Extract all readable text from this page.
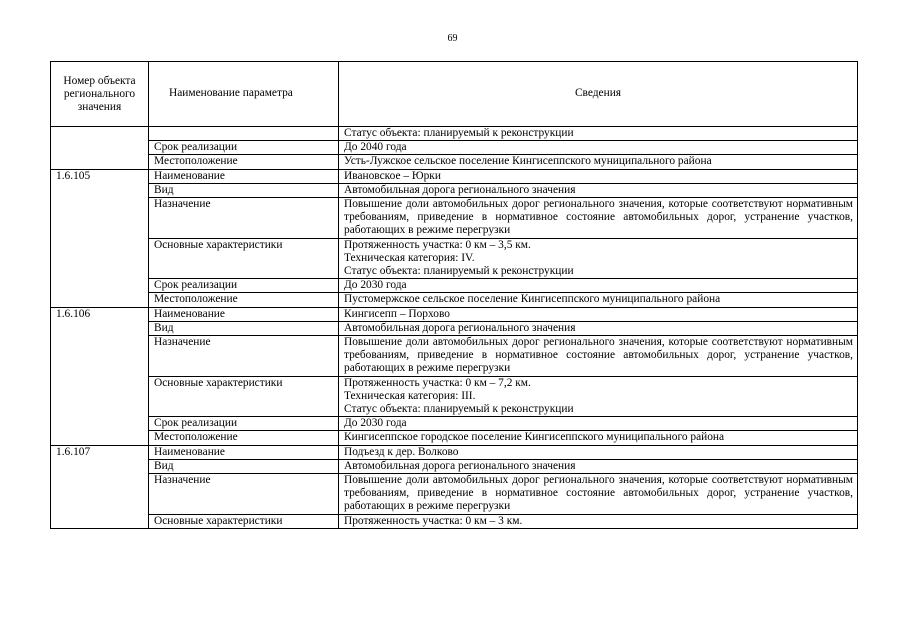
69
Номер объекта регионального значения	Наименование параметра	Сведения

		Статус объекта: планируемый к реконструкции

	Срок реализации	До 2040 года

	Местоположение	Усть-Лужское сельское поселение Кингисеппского муниципального района

1.6.105	Наименование	Ивановское – Юрки

	Вид	Автомобильная дорога регионального значения

	Назначение	Повышение доли автомобильных дорог регионального значения, которые соответствуют нормативным требованиям, приведение в нормативное состояние автомобильных дорог, устранение участков, работающих в режиме перегрузки

	Основные характеристики	Протяженность участка: 0 км – 3,5 км.
Техническая категория: IV.
Статус объекта: планируемый к реконструкции

	Срок реализации	До 2030 года

	Местоположение	Пустомержское сельское поселение Кингисеппского муниципального района

1.6.106	Наименование	Кингисепп – Порхово

	Вид	Автомобильная дорога регионального значения

	Назначение	Повышение доли автомобильных дорог регионального значения, которые соответствуют нормативным требованиям, приведение в нормативное состояние автомобильных дорог, устранение участков, работающих в режиме перегрузки

	Основные характеристики	Протяженность участка: 0 км – 7,2 км.
Техническая категория: III.
Статус объекта: планируемый к реконструкции

	Срок реализации	До 2030 года

	Местоположение	Кингисеппское городское поселение Кингисеппского муниципального района

1.6.107	Наименование	Подъезд к дер. Волково

	Вид	Автомобильная дорога регионального значения

	Назначение	Повышение доли автомобильных дорог регионального значения, которые соответствуют нормативным требованиям, приведение в нормативное состояние автомобильных дорог, устранение участков, работающих в режиме перегрузки

	Основные характеристики	Протяженность участка: 0 км – 3 км.
